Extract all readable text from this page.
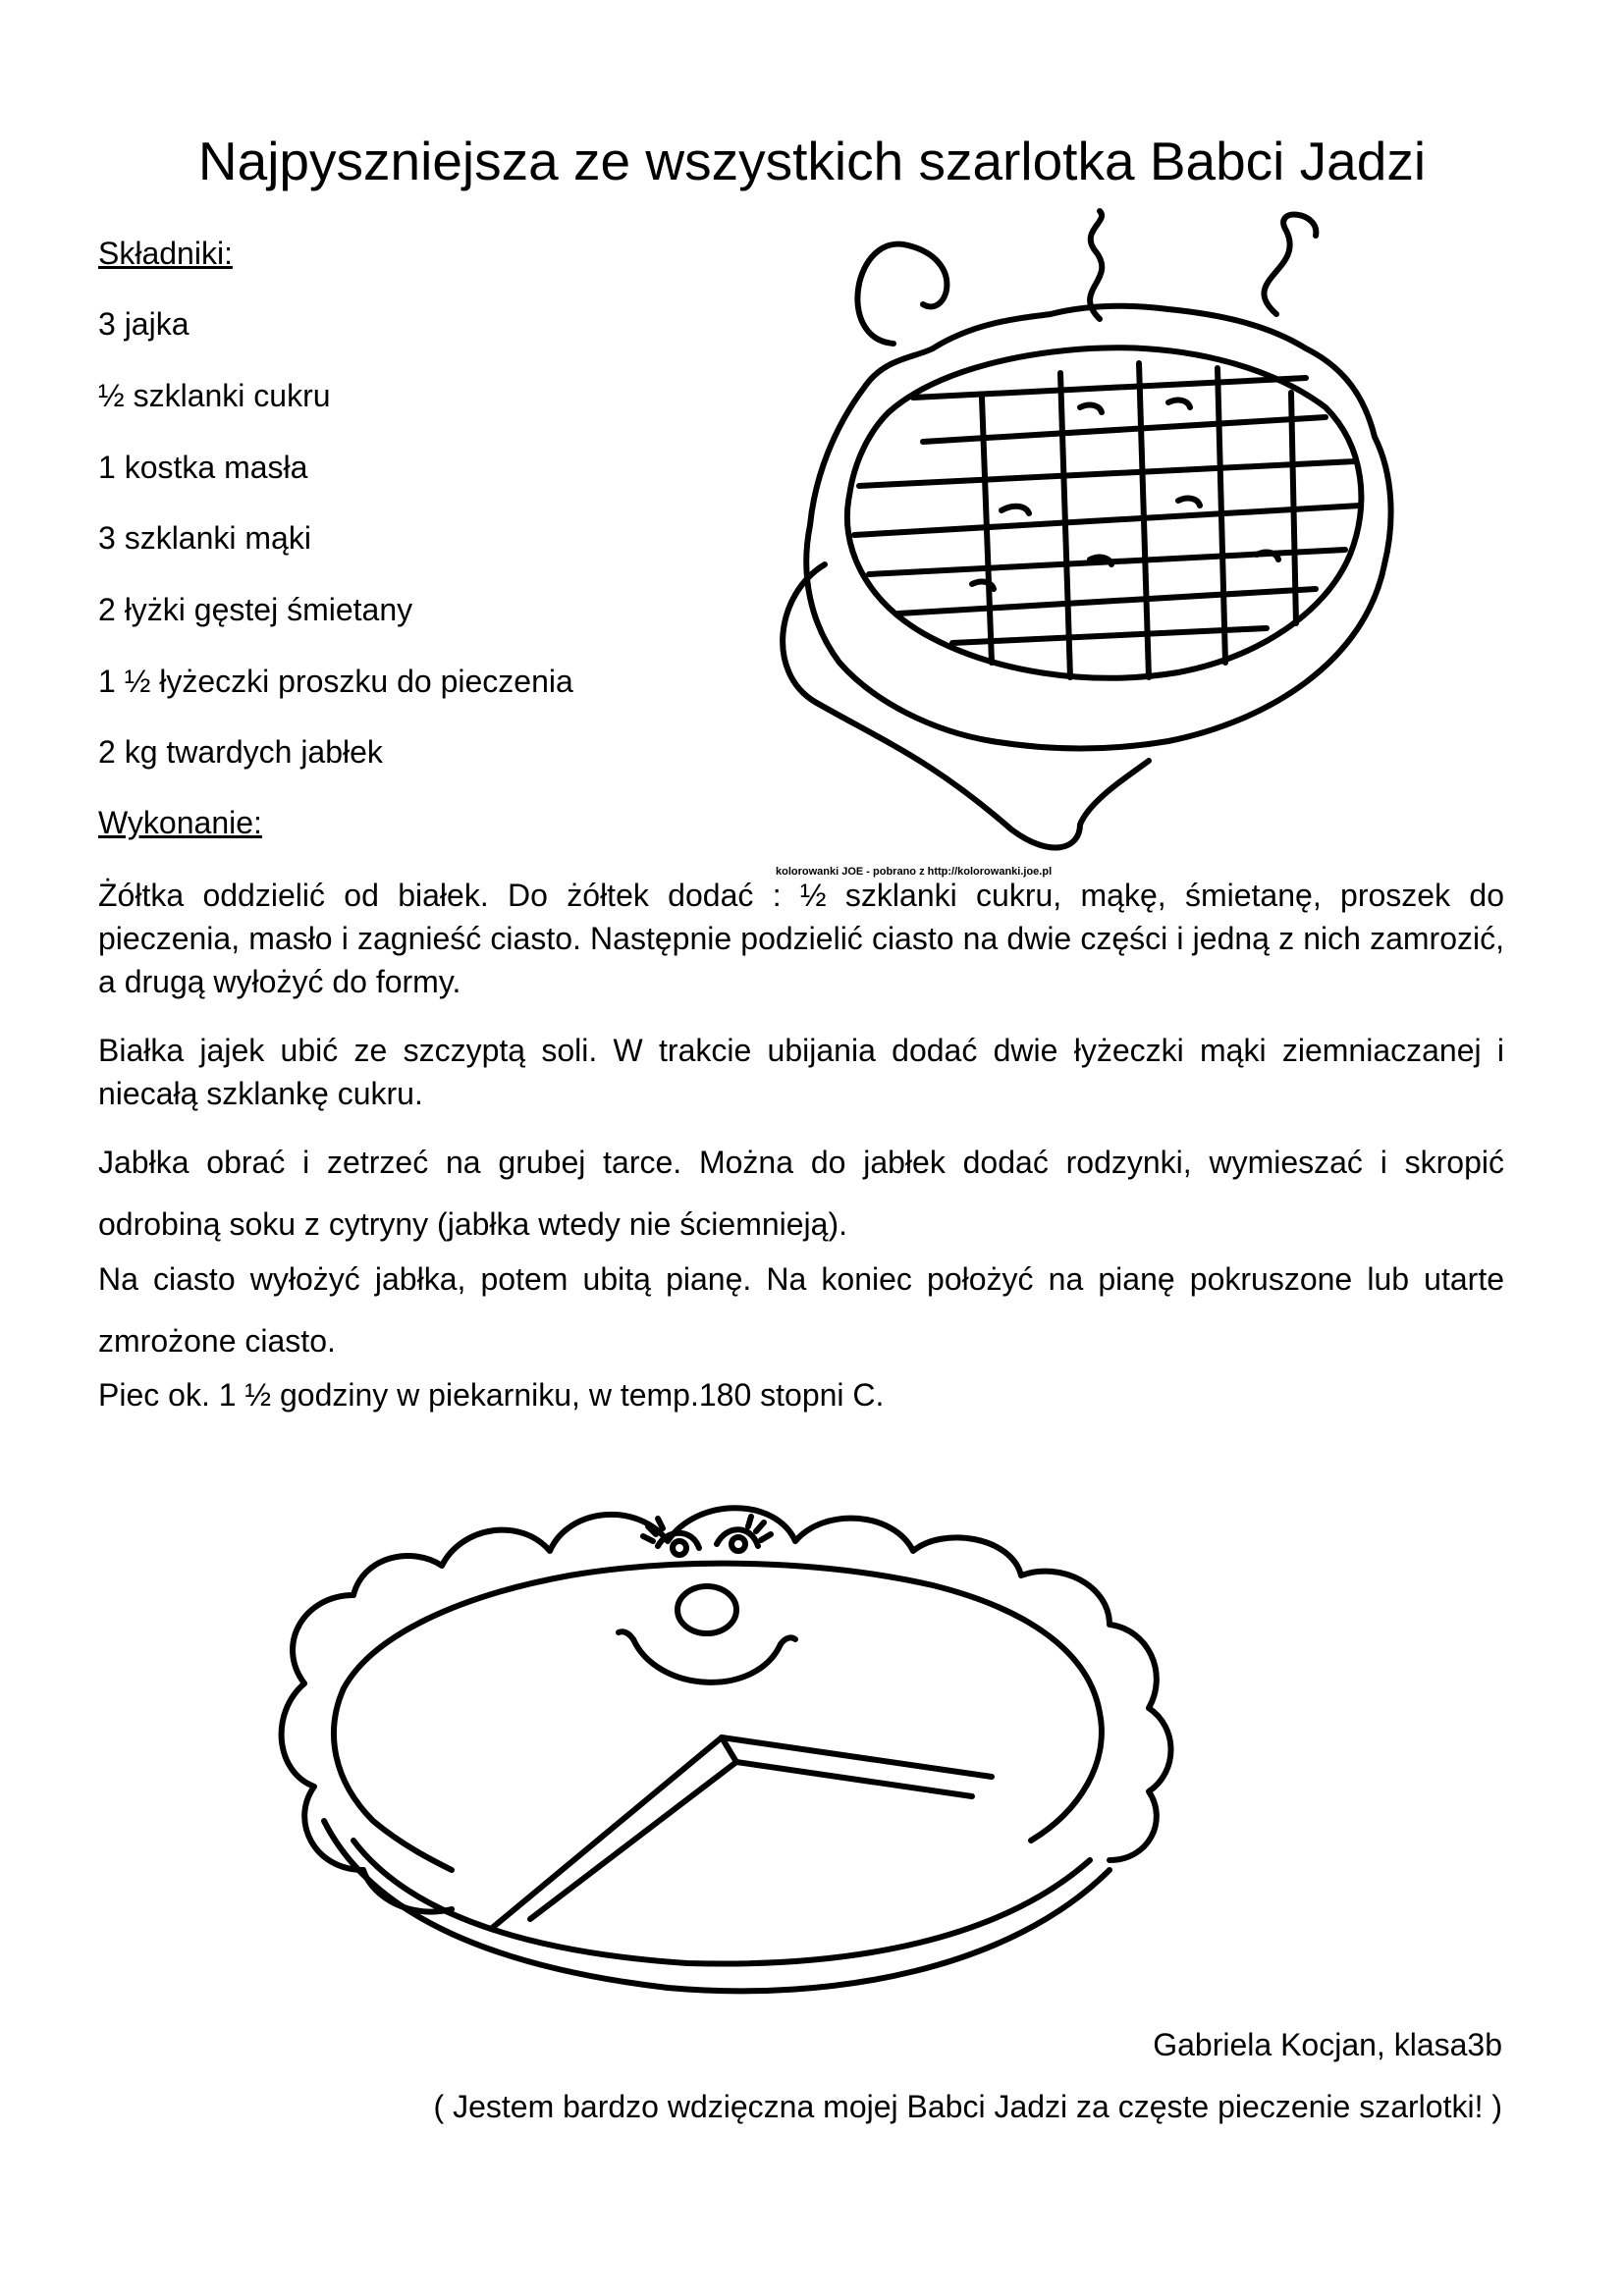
Najpyszniejsza ze wszystkich szarlotka Babci Jadzi
Składniki:
3 jajka
½ szklanki cukru
1 kostka masła
3 szklanki mąki
2 łyżki gęstej śmietany
1 ½ łyżeczki proszku do pieczenia
2 kg twardych jabłek
Wykonanie:
kolorowanki JOE - pobrano z http://kolorowanki.joe.pl
Żółtka oddzielić od białek. Do żółtek dodać : ½ szklanki cukru, mąkę, śmietanę, proszek do pieczenia, masło i zagnieść ciasto. Następnie podzielić ciasto na dwie części i jedną z nich zamrozić, a drugą wyłożyć do formy.
Białka jajek ubić ze szczyptą soli. W trakcie ubijania dodać dwie łyżeczki mąki ziemniaczanej i niecałą szklankę cukru.
Jabłka obrać i zetrzeć na grubej tarce. Można do jabłek dodać rodzynki, wymieszać i skropić
odrobiną soku z cytryny (jabłka wtedy nie ściemnieją).
Na ciasto wyłożyć jabłka, potem ubitą pianę. Na koniec położyć na pianę pokruszone lub utarte
zmrożone ciasto.
Piec ok. 1 ½ godziny w piekarniku, w temp.180 stopni C.
Gabriela Kocjan, klasa3b
( Jestem bardzo wdzięczna mojej Babci Jadzi za częste pieczenie szarlotki! )
